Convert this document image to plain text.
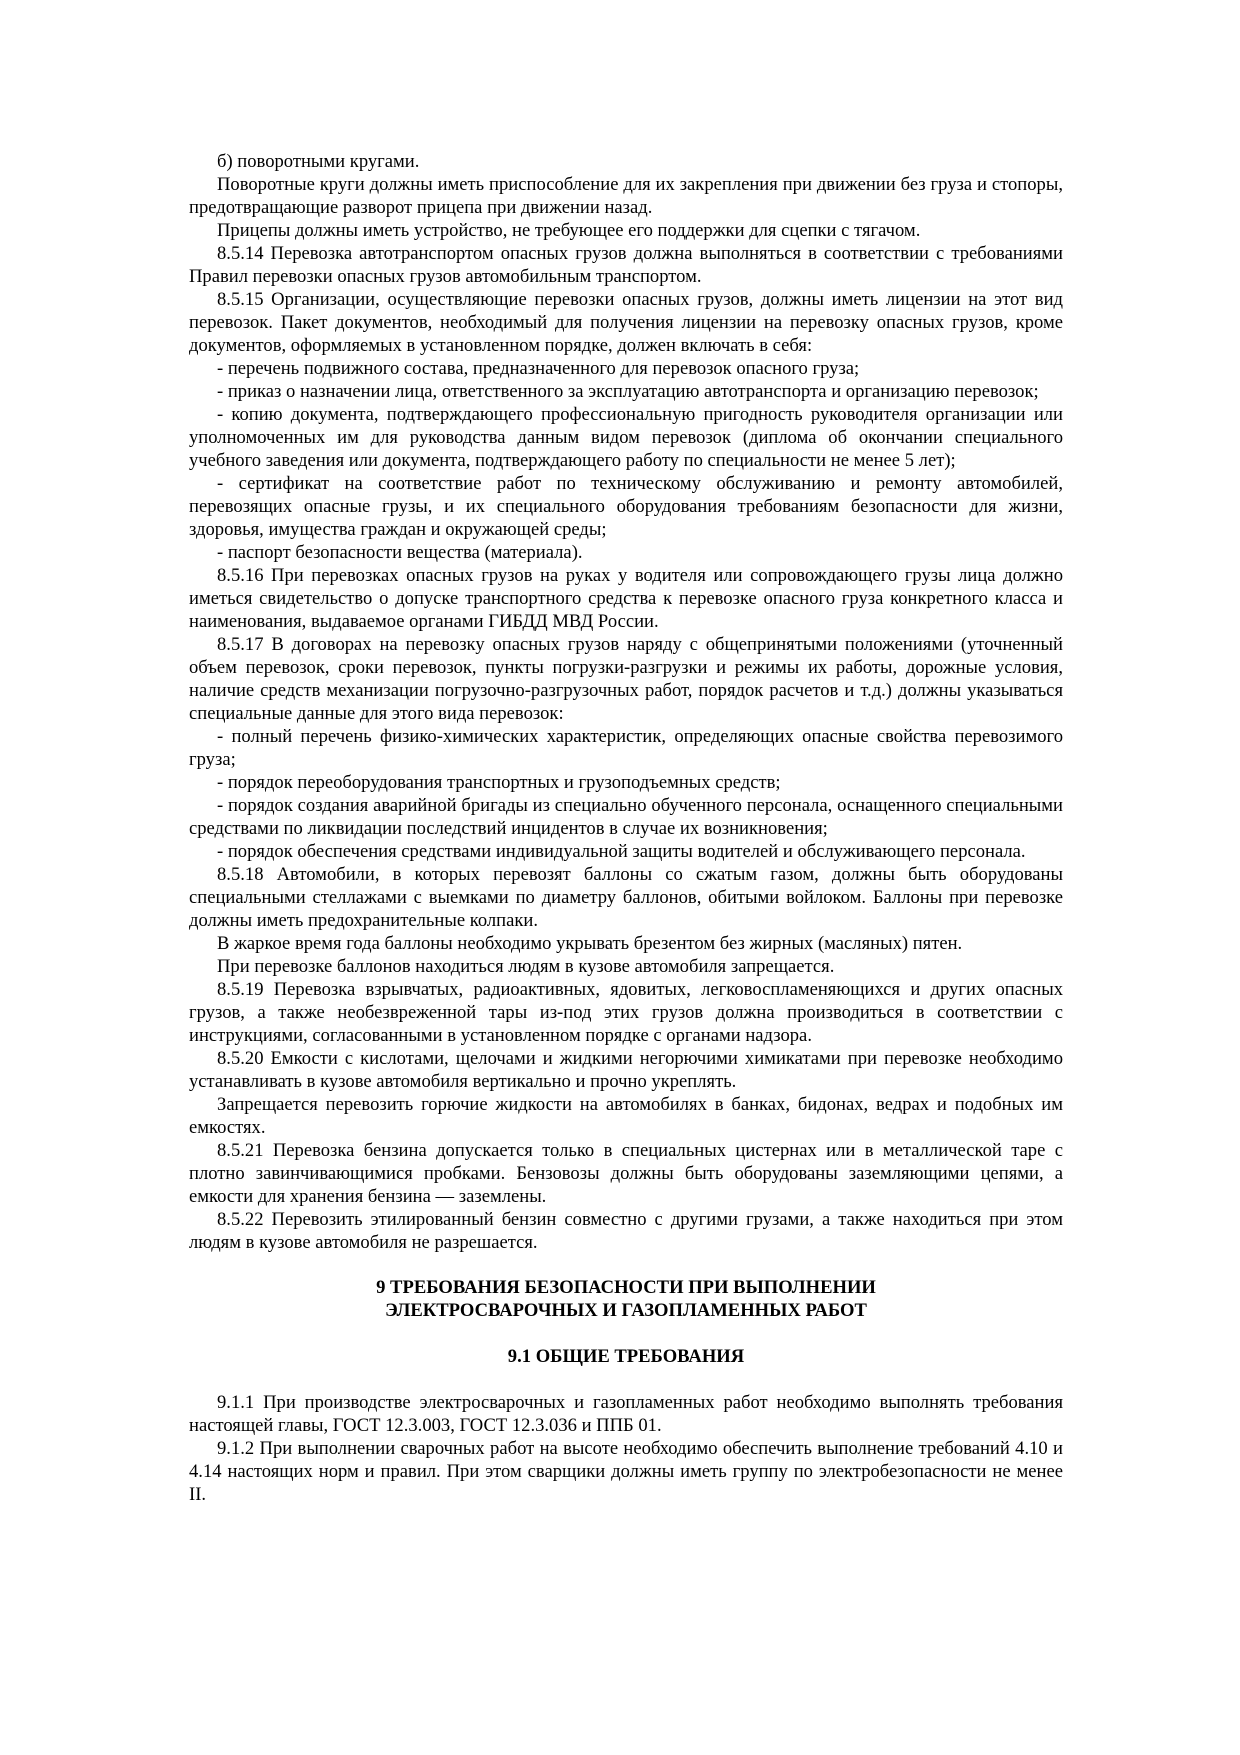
б) поворотными кругами.

Поворотные круги должны иметь приспособление для их закрепления при движении без груза и стопоры, предотвращающие разворот прицепа при движении назад.

Прицепы должны иметь устройство, не требующее его поддержки для сцепки с тягачом.

8.5.14 Перевозка автотранспортом опасных грузов должна выполняться в соответствии с требованиями Правил перевозки опасных грузов автомобильным транспортом.

8.5.15 Организации, осуществляющие перевозки опасных грузов, должны иметь лицензии на этот вид перевозок. Пакет документов, необходимый для получения лицензии на перевозку опасных грузов, кроме документов, оформляемых в установленном порядке, должен включать в себя:

- перечень подвижного состава, предназначенного для перевозок опасного груза;

- приказ о назначении лица, ответственного за эксплуатацию автотранспорта и организацию перевозок;

- копию документа, подтверждающего профессиональную пригодность руководителя организации или уполномоченных им для руководства данным видом перевозок (диплома об окончании специального учебного заведения или документа, подтверждающего работу по специальности не менее 5 лет);

- сертификат на соответствие работ по техническому обслуживанию и ремонту автомобилей, перевозящих опасные грузы, и их специального оборудования требованиям безопасности для жизни, здоровья, имущества граждан и окружающей среды;

- паспорт безопасности вещества (материала).

8.5.16 При перевозках опасных грузов на руках у водителя или сопровождающего грузы лица должно иметься свидетельство о допуске транспортного средства к перевозке опасного груза конкретного класса и наименования, выдаваемое органами ГИБДД МВД России.

8.5.17 В договорах на перевозку опасных грузов наряду с общепринятыми положениями (уточненный объем перевозок, сроки перевозок, пункты погрузки-разгрузки и режимы их работы, дорожные условия, наличие средств механизации погрузочно-разгрузочных работ, порядок расчетов и т.д.) должны указываться специальные данные для этого вида перевозок:

- полный перечень физико-химических характеристик, определяющих опасные свойства перевозимого груза;

- порядок переоборудования транспортных и грузоподъемных средств;

- порядок создания аварийной бригады из специально обученного персонала, оснащенного специальными средствами по ликвидации последствий инцидентов в случае их возникновения;

- порядок обеспечения средствами индивидуальной защиты водителей и обслуживающего персонала.

8.5.18 Автомобили, в которых перевозят баллоны со сжатым газом, должны быть оборудованы специальными стеллажами с выемками по диаметру баллонов, обитыми войлоком. Баллоны при перевозке должны иметь предохранительные колпаки.

В жаркое время года баллоны необходимо укрывать брезентом без жирных (масляных) пятен.

При перевозке баллонов находиться людям в кузове автомобиля запрещается.

8.5.19 Перевозка взрывчатых, радиоактивных, ядовитых, легковоспламеняющихся и других опасных грузов, а также необезвреженной тары из-под этих грузов должна производиться в соответствии с инструкциями, согласованными в установленном порядке с органами надзора.

8.5.20 Емкости с кислотами, щелочами и жидкими негорючими химикатами при перевозке необходимо устанавливать в кузове автомобиля вертикально и прочно укреплять.

Запрещается перевозить горючие жидкости на автомобилях в банках, бидонах, ведрах и подобных им емкостях.

8.5.21 Перевозка бензина допускается только в специальных цистернах или в металлической таре с плотно завинчивающимися пробками. Бензовозы должны быть оборудованы заземляющими цепями, а емкости для хранения бензина — заземлены.

8.5.22 Перевозить этилированный бензин совместно с другими грузами, а также находиться при этом людям в кузове автомобиля не разрешается.

9 ТРЕБОВАНИЯ БЕЗОПАСНОСТИ ПРИ ВЫПОЛНЕНИИ
ЭЛЕКТРОСВАРОЧНЫХ И ГАЗОПЛАМЕННЫХ РАБОТ
9.1 ОБЩИЕ ТРЕБОВАНИЯ

9.1.1 При производстве электросварочных и газопламенных работ необходимо выполнять требования настоящей главы, ГОСТ 12.3.003, ГОСТ 12.3.036 и ППБ 01.

9.1.2 При выполнении сварочных работ на высоте необходимо обеспечить выполнение требований 4.10 и 4.14 настоящих норм и правил. При этом сварщики должны иметь группу по электробезопасности не менее II.
